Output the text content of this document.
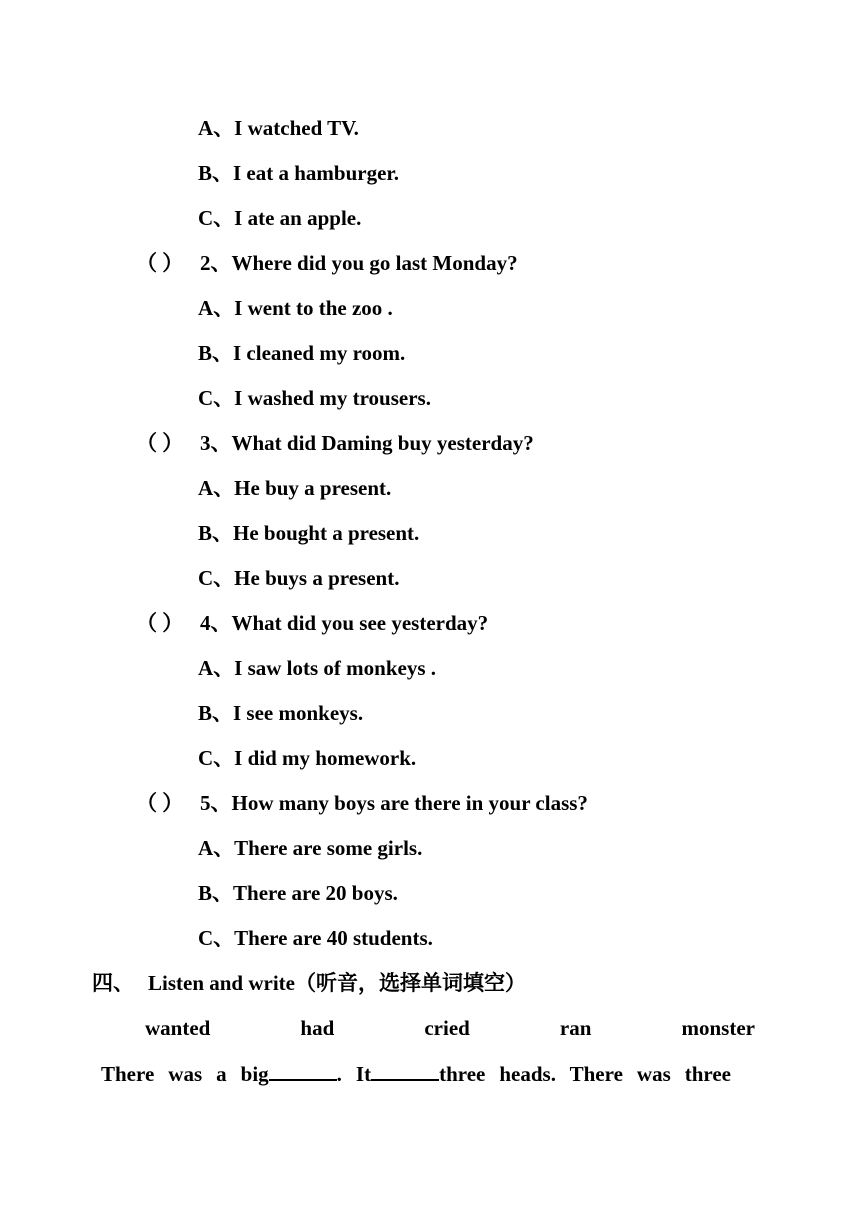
A、I watched TV.
B、I eat a hamburger.
C、I ate an apple.
（ ） 2、Where did you go last Monday?
A、I went to the zoo .
B、I cleaned my room.
C、I washed my trousers.
（ ） 3、What did Daming buy yesterday?
A、He buy a present.
B、He bought a present.
C、He buys a present.
（ ） 4、What did you see yesterday?
A、I saw lots of monkeys .
B、I see monkeys.
C、I did my homework.
（ ） 5、How many boys are there in your class?
A、There are some girls.
B、There are 20 boys.
C、There are 40 students.
四、 Listen and write（听音，选择单词填空）
wanted	had	cried	ran	monster
There was a big	. It	three heads. There was three
